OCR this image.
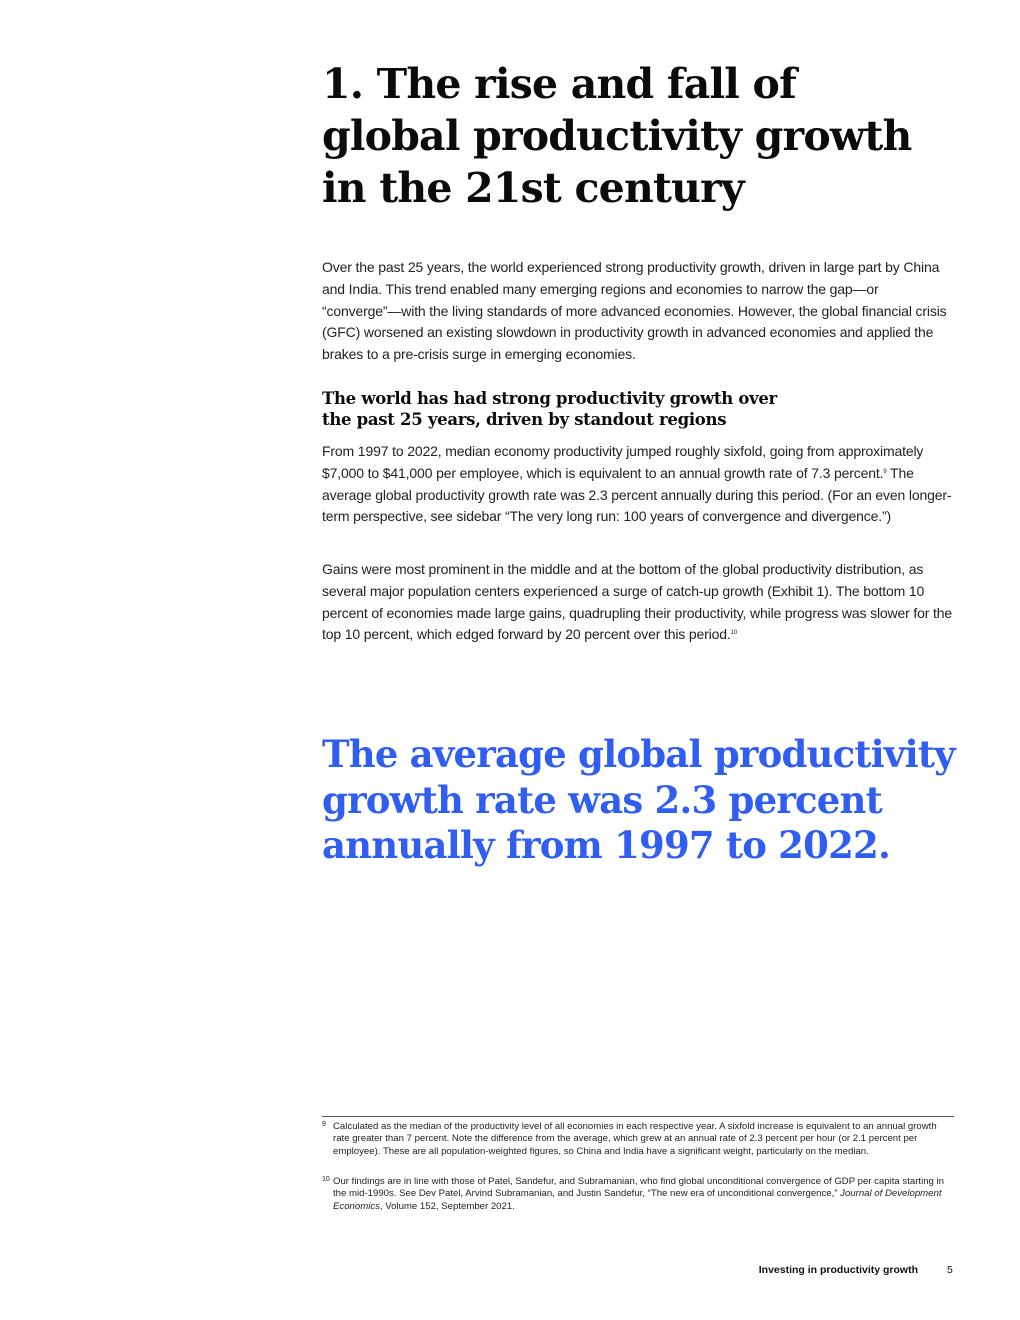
1. The rise and fall of
global productivity growth
in the 21st century

Over the past 25 years, the world experienced strong productivity growth, driven in large part by China and India. This trend enabled many emerging regions and economies to narrow the gap—or “converge”—with the living standards of more advanced economies. However, the global financial crisis (GFC) worsened an existing slowdown in productivity growth in advanced economies and applied the brakes to a pre-crisis surge in emerging economies.

The world has had strong productivity growth over
the past 25 years, driven by standout regions

From 1997 to 2022, median economy productivity jumped roughly sixfold, going from approximately $7,000 to $41,000 per employee, which is equivalent to an annual growth rate of 7.3 percent.$^9$ The average global productivity growth rate was 2.3 percent annually during this period. (For an even longer-term perspective, see sidebar “The very long run: 100 years of convergence and divergence.”)

Gains were most prominent in the middle and at the bottom of the global productivity distribution, as several major population centers experienced a surge of catch-up growth (Exhibit 1). The bottom 10 percent of economies made large gains, quadrupling their productivity, while progress was slower for the top 10 percent, which edged forward by 20 percent over this period.$^{10}$

The average global productivity
growth rate was 2.3 percent
annually from 1997 to 2022.
9 Calculated as the median of the productivity level of all economies in each respective year. A sixfold increase is equivalent to an annual growth rate greater than 7 percent. Note the difference from the average, which grew at an annual rate of 2.3 percent per hour (or 2.1 percent per employee). These are all population-weighted figures, so China and India have a significant weight, particularly on the median.
10 Our findings are in line with those of Patel, Sandefur, and Subramanian, who find global unconditional convergence of GDP per capita starting in the mid-1990s. See Dev Patel, Arvind Subramanian, and Justin Sandefur, “The new era of unconditional convergence,” Journal of Development Economics, Volume 152, September 2021.
Investing in productivity growth	5
